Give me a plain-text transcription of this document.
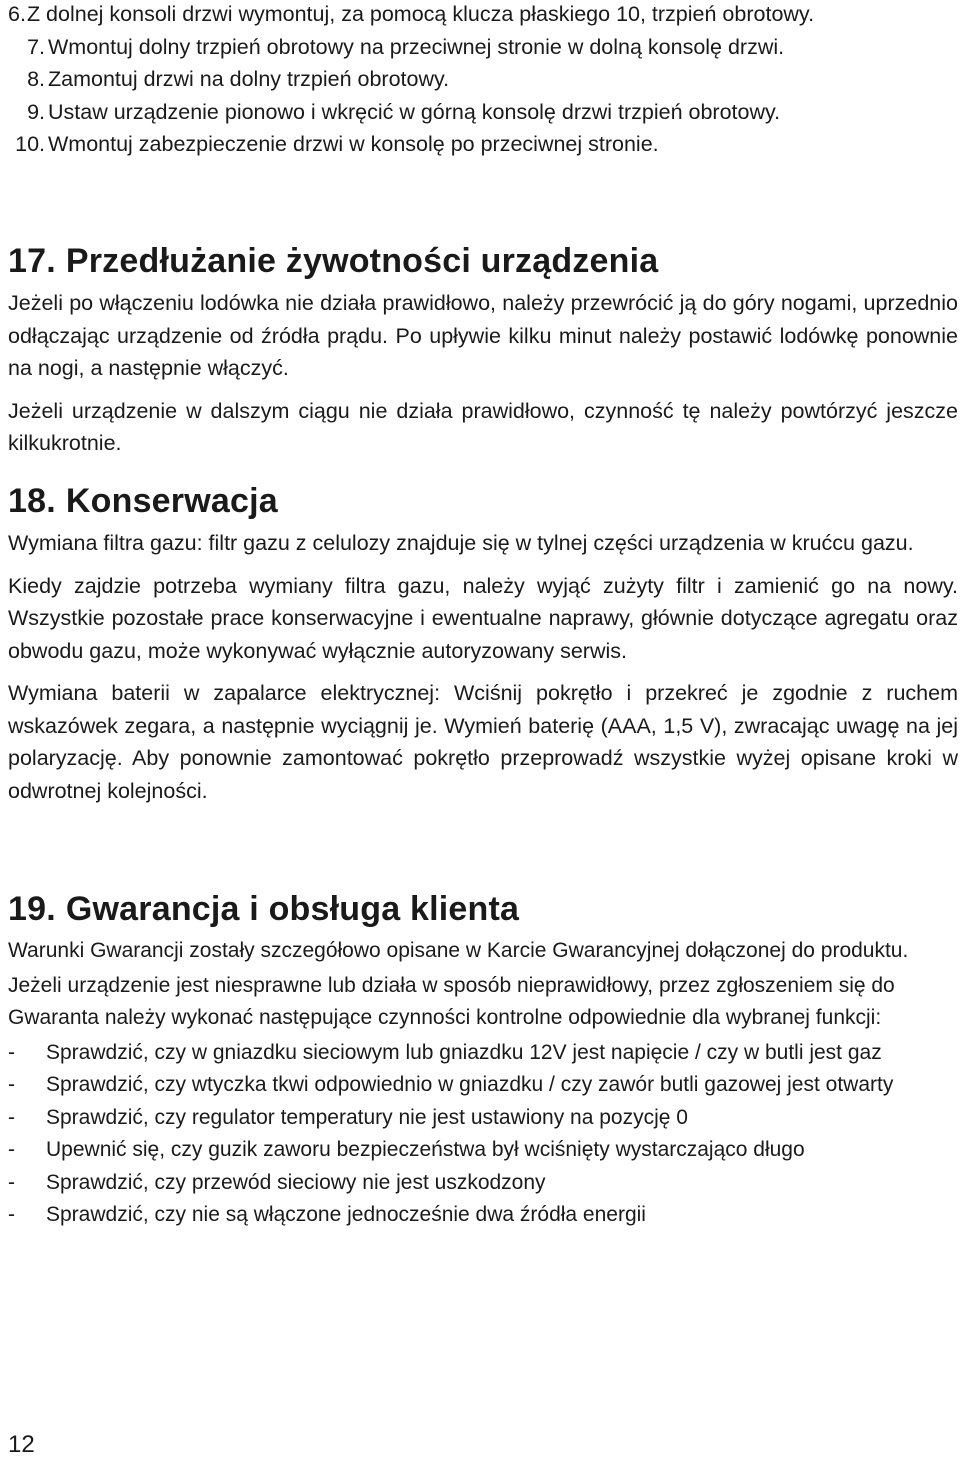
6. Z dolnej konsoli drzwi wymontuj, za pomocą klucza płaskiego 10, trzpień obrotowy.
7. Wmontuj dolny trzpień obrotowy na przeciwnej stronie w dolną konsolę drzwi.
8. Zamontuj drzwi na dolny trzpień obrotowy.
9. Ustaw urządzenie pionowo i wkręcić w górną konsolę drzwi trzpień obrotowy.
10. Wmontuj zabezpieczenie drzwi w konsolę po przeciwnej stronie.
17. Przedłużanie żywotności urządzenia

Jeżeli po włączeniu lodówka nie działa prawidłowo, należy przewrócić ją do góry nogami, uprzednio odłączając urządzenie od źródła prądu. Po upływie kilku minut należy postawić lodówkę ponownie na nogi, a następnie włączyć.

Jeżeli urządzenie w dalszym ciągu nie działa prawidłowo, czynność tę należy powtórzyć jeszcze kilkukrotnie.

18. Konserwacja

Wymiana filtra gazu: filtr gazu z celulozy znajduje się w tylnej części urządzenia w krućcu gazu.

Kiedy zajdzie potrzeba wymiany filtra gazu, należy wyjąć zużyty filtr i zamienić go na nowy. Wszystkie pozostałe prace konserwacyjne i ewentualne naprawy, głównie dotyczące agregatu oraz obwodu gazu, może wykonywać wyłącznie autoryzowany serwis.

Wymiana baterii w zapalarce elektrycznej: Wciśnij pokrętło i przekreć je zgodnie z ruchem wskazówek zegara, a następnie wyciągnij je. Wymień baterię (AAA, 1,5 V), zwracając uwagę na jej polaryzację. Aby ponownie zamontować pokrętło przeprowadź wszystkie wyżej opisane kroki w odwrotnej kolejności.

19. Gwarancja i obsługa klienta

Warunki Gwarancji zostały szczegółowo opisane w Karcie Gwarancyjnej dołączonej do produktu.

Jeżeli urządzenie jest niesprawne lub działa w sposób nieprawidłowy, przez zgłoszeniem się do Gwaranta należy wykonać następujące czynności kontrolne odpowiednie dla wybranej funkcji:

-	Sprawdzić, czy w gniazdku sieciowym lub gniazdku 12V jest napięcie / czy w butli jest gaz
-	Sprawdzić, czy wtyczka tkwi odpowiednio w gniazdku / czy zawór butli gazowej jest otwarty
-	Sprawdzić, czy regulator temperatury nie jest ustawiony na pozycję 0
-	Upewnić się, czy guzik zaworu bezpieczeństwa był wciśnięty wystarczająco długo
-	Sprawdzić, czy przewód sieciowy nie jest uszkodzony
-	Sprawdzić, czy nie są włączone jednocześnie dwa źródła energii
12
